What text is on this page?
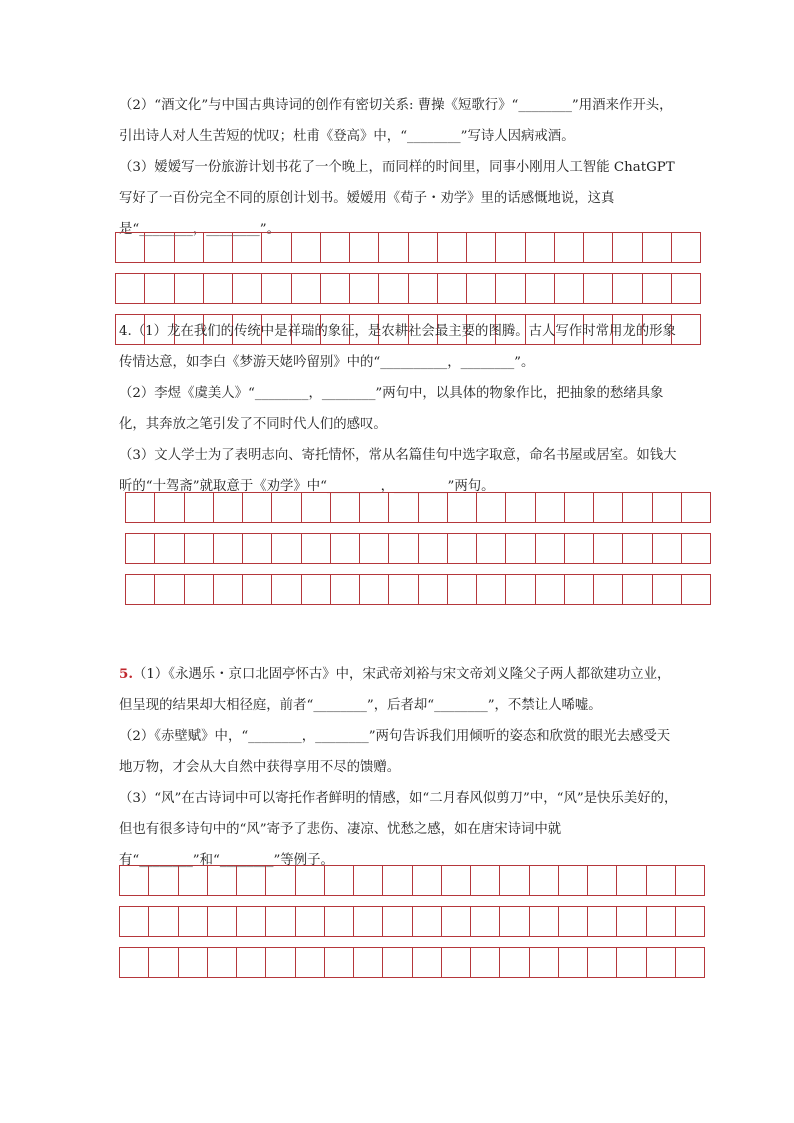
（2）“酒文化”与中国古典诗词的创作有密切关系: 曹操《短歌行》“________”用酒来作开头，引出诗人对人生苦短的忧叹；杜甫《登高》中，“________”写诗人因病戒酒。

（3）嫒嫒写一份旅游计划书花了一个晚上，而同样的时间里，同事小刚用人工智能 ChatGPT 写好了一百份完全不同的原创计划书。嫒嫒用《荀子・劝学》里的话感慨地说，这真是“________，________”。

4.（1）龙在我们的传统中是祥瑞的象征，是农耕社会最主要的图腾。古人写作时常用龙的形象传情达意，如李白《梦游天姥吟留别》中的“__________，________”。

（2）李煜《虞美人》“________，________”两句中，以具体的物象作比，把抽象的愁绪具象化，其奔放之笔引发了不同时代人们的感叹。

（3）文人学士为了表明志向、寄托情怀，常从名篇佳句中选字取意，命名书屋或居室。如钱大昕的“十驾斋”就取意于《劝学》中“________，________”两句。

5.（1）《永遇乐・京口北固亭怀古》中，宋武帝刘裕与宋文帝刘义隆父子两人都欲建功立业，但呈现的结果却大相径庭，前者“________”，后者却“________”，不禁让人唏嘘。

（2）《赤壁赋》中，“________，________”两句告诉我们用倾听的姿态和欣赏的眼光去感受天地万物，才会从大自然中获得享用不尽的馈赠。

（3）“风”在古诗词中可以寄托作者鲜明的情感，如“二月春风似剪刀”中，“风”是快乐美好的，但也有很多诗句中的“风”寄予了悲伤、凄凉、忧愁之感，如在唐宋诗词中就有“________”和“________”等例子。
